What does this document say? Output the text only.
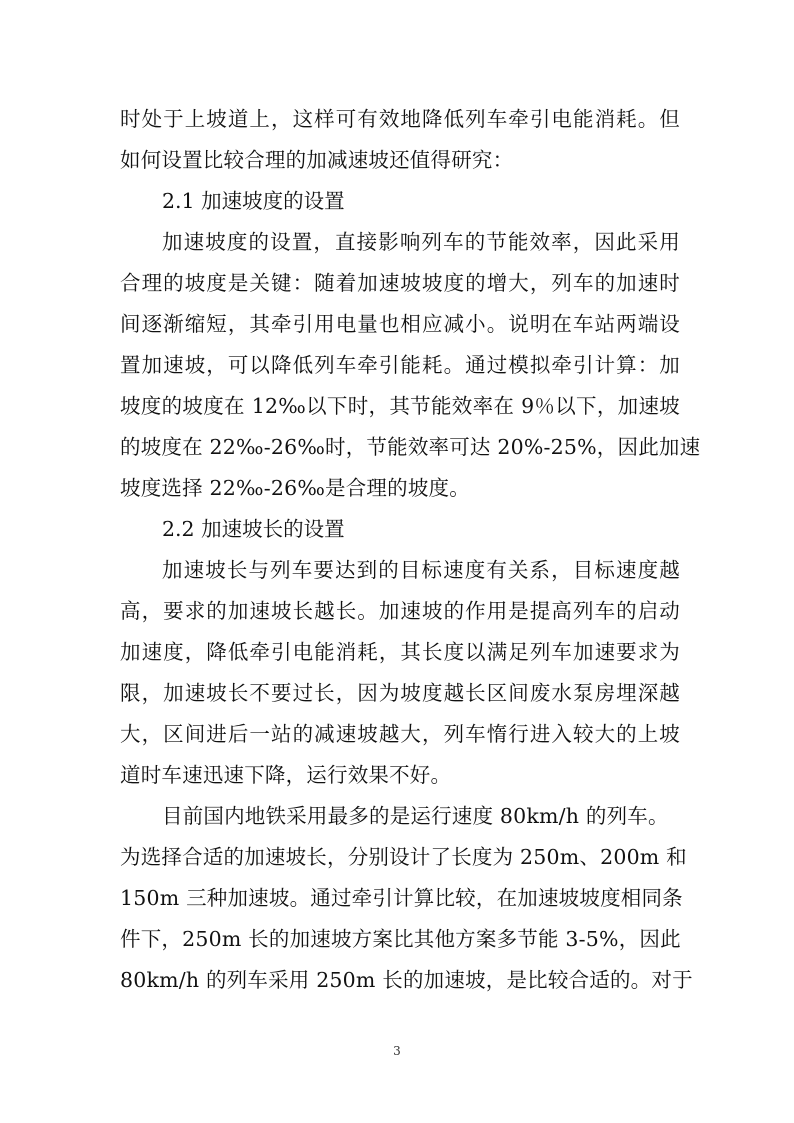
时处于上坡道上，这样可有效地降低列车牵引电能消耗。但
如何设置比较合理的加减速坡还值得研究：
2.1 加速坡度的设置
加速坡度的设置，直接影响列车的节能效率，因此采用
合理的坡度是关键：随着加速坡坡度的增大，列车的加速时
间逐渐缩短，其牵引用电量也相应减小。说明在车站两端设
置加速坡，可以降低列车牵引能耗。通过模拟牵引计算：加
坡度的坡度在 12‰以下时，其节能效率在 9％以下，加速坡
的坡度在 22‰-26‰时，节能效率可达 20%-25%，因此加速
坡度选择 22‰-26‰是合理的坡度。
2.2 加速坡长的设置
加速坡长与列车要达到的目标速度有关系，目标速度越
高，要求的加速坡长越长。加速坡的作用是提高列车的启动
加速度，降低牵引电能消耗，其长度以满足列车加速要求为
限，加速坡长不要过长，因为坡度越长区间废水泵房埋深越
大，区间进后一站的减速坡越大，列车惰行进入较大的上坡
道时车速迅速下降，运行效果不好。
目前国内地铁采用最多的是运行速度 80km/h 的列车。
为选择合适的加速坡长，分别设计了长度为 250m、200m 和
150m 三种加速坡。通过牵引计算比较，在加速坡坡度相同条
件下，250m 长的加速坡方案比其他方案多节能 3-5%，因此
80km/h 的列车采用 250m 长的加速坡，是比较合适的。对于
3
